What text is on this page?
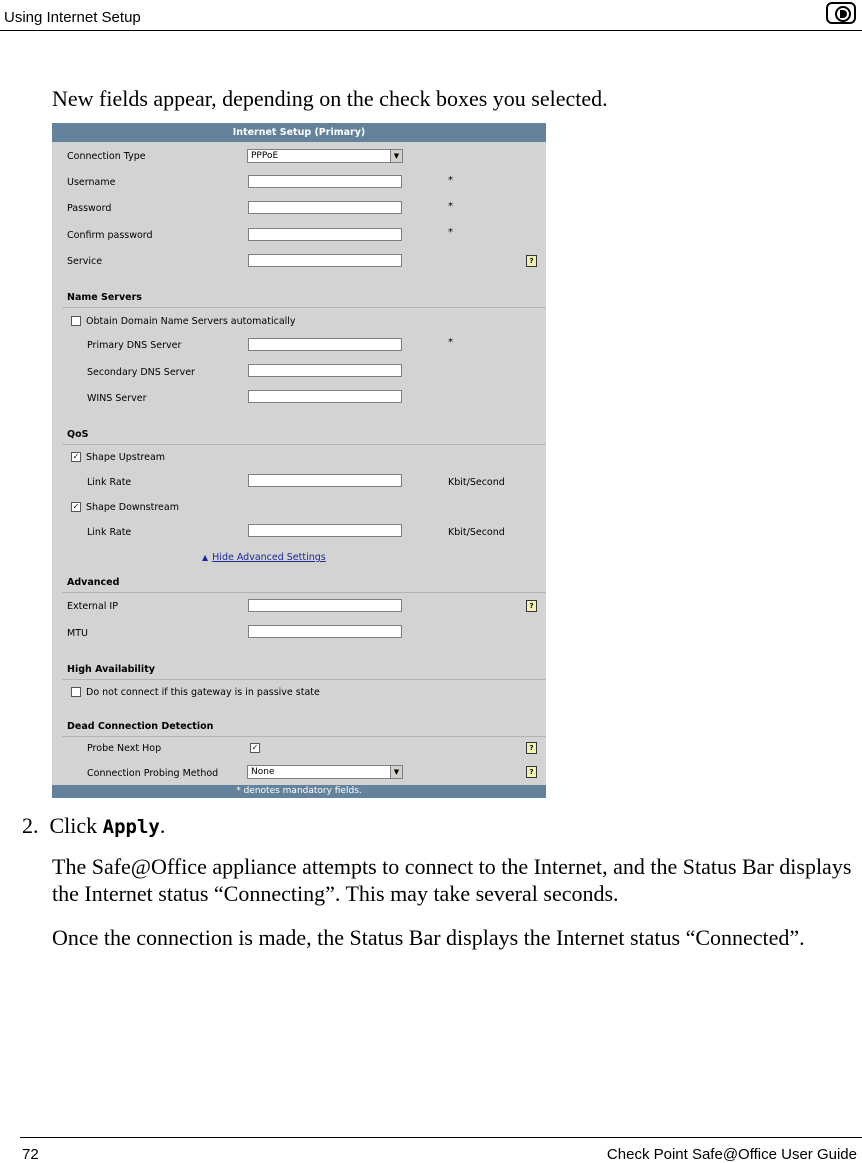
Using Internet Setup
New fields appear, depending on the check boxes you selected.
Internet Setup (Primary)
Connection Type	PPPoE	▼
Username	*
Password	*
Confirm password	*
Service	?
Name Servers
Obtain Domain Name Servers automatically
Primary DNS Server	*
Secondary DNS Server
WINS Server
QoS
✓ Shape Upstream
Link Rate	Kbit/Second
✓ Shape Downstream
Link Rate	Kbit/Second
▲ Hide Advanced Settings
Advanced
External IP	?
MTU
High Availability
Do not connect if this gateway is in passive state
Dead Connection Detection
Probe Next Hop	✓	?
Connection Probing Method	None	▼	?
* denotes mandatory fields.
2. Click Apply.
The Safe@Office appliance attempts to connect to the Internet, and the Status Bar displays the Internet status “Connecting”. This may take several seconds.
Once the connection is made, the Status Bar displays the Internet status “Connected”.
72	Check Point Safe@Office User Guide
